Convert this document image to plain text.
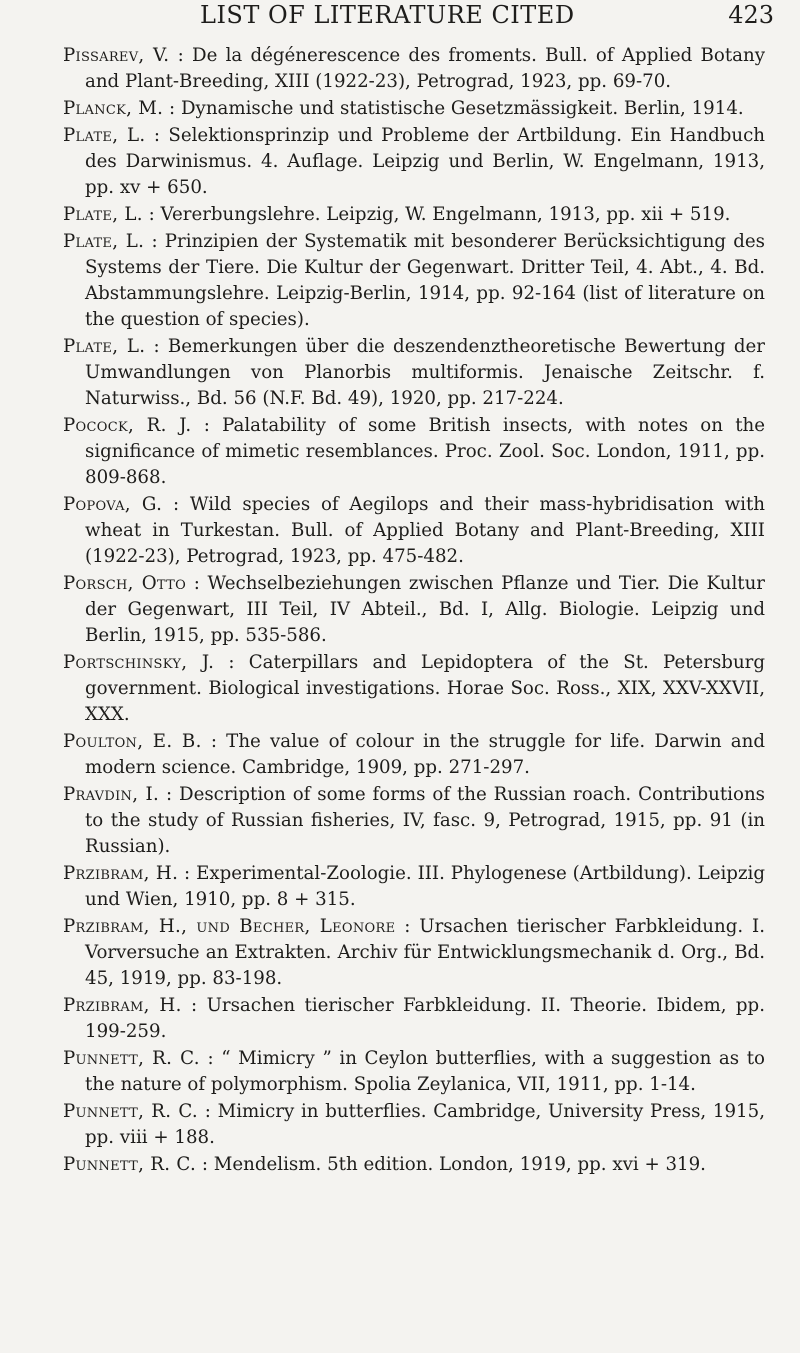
LIST OF LITERATURE CITED	423

Pissarev, V. : De la dégénerescence des froments. Bull. of Applied Botany and Plant-Breeding, XIII (1922-23), Petrograd, 1923, pp. 69-70.

Planck, M. : Dynamische und statistische Gesetzmässigkeit. Berlin, 1914.

Plate, L. : Selektionsprinzip und Probleme der Artbildung. Ein Handbuch des Darwinismus. 4. Auflage. Leipzig und Berlin, W. Engelmann, 1913, pp. xv + 650.

Plate, L. : Vererbungslehre. Leipzig, W. Engelmann, 1913, pp. xii + 519.

Plate, L. : Prinzipien der Systematik mit besonderer Berücksichtigung des Systems der Tiere. Die Kultur der Gegenwart. Dritter Teil, 4. Abt., 4. Bd. Abstammungslehre. Leipzig-Berlin, 1914, pp. 92-164 (list of literature on the question of species).

Plate, L. : Bemerkungen über die deszendenztheoretische Bewertung der Umwandlungen von Planorbis multiformis. Jenaische Zeitschr. f. Naturwiss., Bd. 56 (N.F. Bd. 49), 1920, pp. 217-224.

Pocock, R. J. : Palatability of some British insects, with notes on the significance of mimetic resemblances. Proc. Zool. Soc. London, 1911, pp. 809-868.

Popova, G. : Wild species of Aegilops and their mass-hybridisation with wheat in Turkestan. Bull. of Applied Botany and Plant-Breeding, XIII (1922-23), Petrograd, 1923, pp. 475-482.

Porsch, Otto : Wechselbeziehungen zwischen Pflanze und Tier. Die Kultur der Gegenwart, III Teil, IV Abteil., Bd. I, Allg. Biologie. Leipzig und Berlin, 1915, pp. 535-586.

Portschinsky, J. : Caterpillars and Lepidoptera of the St. Petersburg government. Biological investigations. Horae Soc. Ross., XIX, XXV-XXVII, XXX.

Poulton, E. B. : The value of colour in the struggle for life. Darwin and modern science. Cambridge, 1909, pp. 271-297.

Pravdin, I. : Description of some forms of the Russian roach. Contributions to the study of Russian fisheries, IV, fasc. 9, Petrograd, 1915, pp. 91 (in Russian).

Przibram, H. : Experimental-Zoologie. III. Phylogenese (Artbildung). Leipzig und Wien, 1910, pp. 8 + 315.

Przibram, H., und Becher, Leonore : Ursachen tierischer Farbkleidung. I. Vorversuche an Extrakten. Archiv für Entwicklungsmechanik d. Org., Bd. 45, 1919, pp. 83-198.

Przibram, H. : Ursachen tierischer Farbkleidung. II. Theorie. Ibidem, pp. 199-259.

Punnett, R. C. : “ Mimicry ” in Ceylon butterflies, with a suggestion as to the nature of polymorphism. Spolia Zeylanica, VII, 1911, pp. 1-14.

Punnett, R. C. : Mimicry in butterflies. Cambridge, University Press, 1915, pp. viii + 188.

Punnett, R. C. : Mendelism. 5th edition. London, 1919, pp. xvi + 319.
